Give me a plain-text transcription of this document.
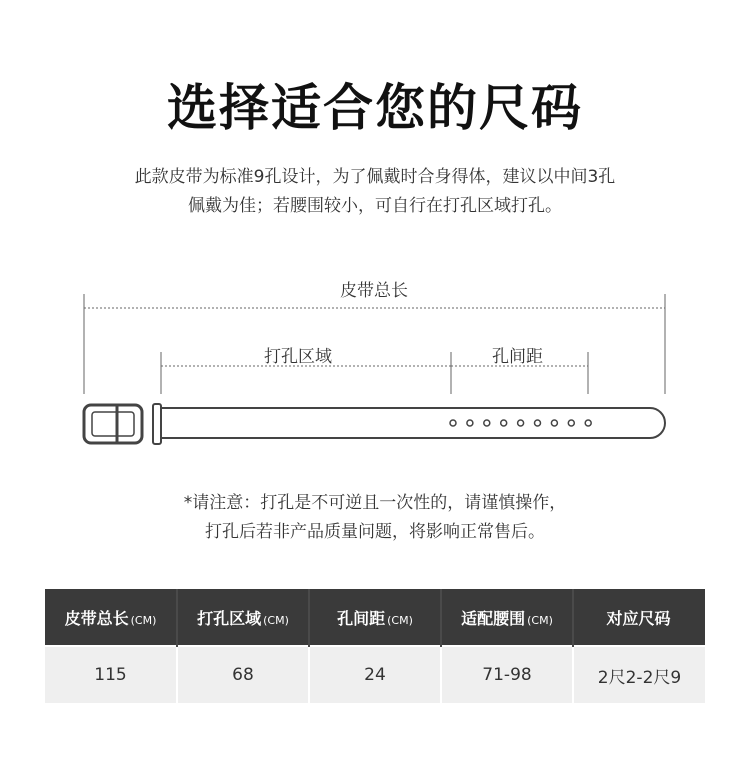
选择适合您的尺码
此款皮带为标准9孔设计，为了佩戴时合身得体，建议以中间3孔
佩戴为佳；若腰围较小，可自行在打孔区域打孔。
皮带总长
打孔区域	孔间距
*请注意：打孔是不可逆且一次性的，请谨慎操作，
打孔后若非产品质量问题，将影响正常售后。
皮带总长 (CM)	打孔区域 (CM)	孔间距 (CM)	适配腰围 (CM)	对应尺码
115	68	24	71-98	2尺2-2尺9
